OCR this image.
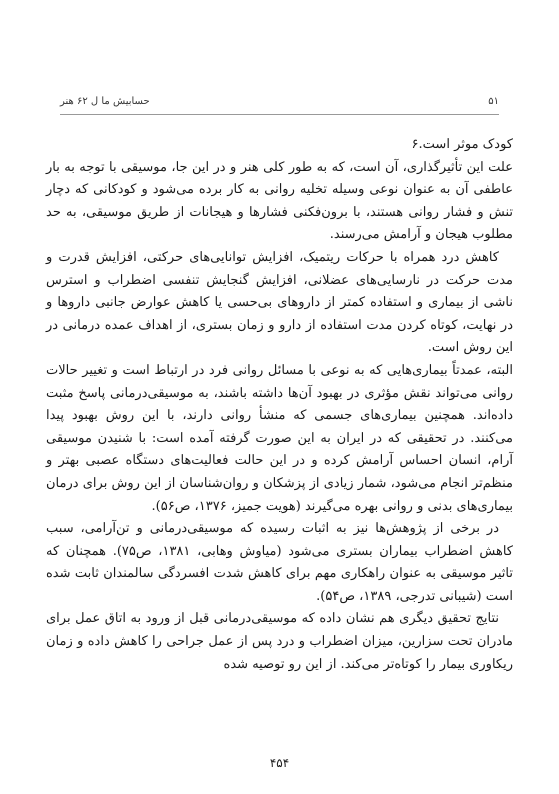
۵۱
حسابیش ما ل ۶۲ هنر

کودک موثر است.۶

علت این تأثیرگذاری، آن است، که به طور کلی هنر و در این جا، موسیقی با توجه به بار عاطفی آن به عنوان نوعی وسیله تخلیه روانی به کار برده می‌شود و کودکانی که دچار تنش و فشار روانی هستند، با برون‌فکنی فشارها و هیجانات از طریق موسیقی، به حد مطلوب هیجان و آرامش می‌رسند.

کاهش درد همراه با حرکات ریتمیک، افزایش توانایی‌های حرکتی، افزایش قدرت و مدت حرکت در نارسایی‌های عضلانی، افزایش گنجایش تنفسی اضطراب و استرس ناشی از بیماری و استفاده کمتر از داروهای بی‌حسی یا کاهش عوارض جانبی داروها و در نهایت، کوتاه کردن مدت استفاده از دارو و زمان بستری، از اهداف عمده درمانی در این روش است.

البته، عمدتاً بیماری‌هایی که به نوعی با مسائل روانی فرد در ارتباط است و تغییر حالات روانی می‌تواند نقش مؤثری در بهبود آن‌ها داشته باشند، به موسیقی‌درمانی پاسخ مثبت داده‌اند. همچنین بیماری‌های جسمی که منشأ روانی دارند، با این روش بهبود پیدا می‌کنند. در تحقیقی که در ایران به این صورت گرفته آمده است: با شنیدن موسیقی آرام، انسان احساس آرامش کرده و در این حالت فعالیت‌های دستگاه عصبی بهتر و منظم‌تر انجام می‌شود، شمار زیادی از پزشکان و روان‌شناسان از این روش برای درمان بیماری‌های بدنی و روانی بهره می‌گیرند (هویت جمیز، ۱۳۷۶، ص۵۶).

در برخی از پژوهش‌ها نیز به اثبات رسیده که موسیقی‌درمانی و تن‌آرامی، سبب کاهش اضطراب بیماران بستری می‌شود (میاوش وهابی، ۱۳۸۱، ص۷۵). همچنان که تاثیر موسیقی به عنوان راهکاری مهم برای کاهش شدت افسردگی سالمندان ثابت شده است (شیبانی تدرجی، ۱۳۸۹، ص۵۴).

نتایج تحقیق دیگری هم نشان داده که موسیقی‌درمانی قبل از ورود به اتاق عمل برای مادران تحت سزارین، میزان اضطراب و درد پس از عمل جراحی را کاهش داده و زمان ریکاوری بیمار را کوتاه‌تر می‌کند. از این رو توصیه شده

۴۵۴
